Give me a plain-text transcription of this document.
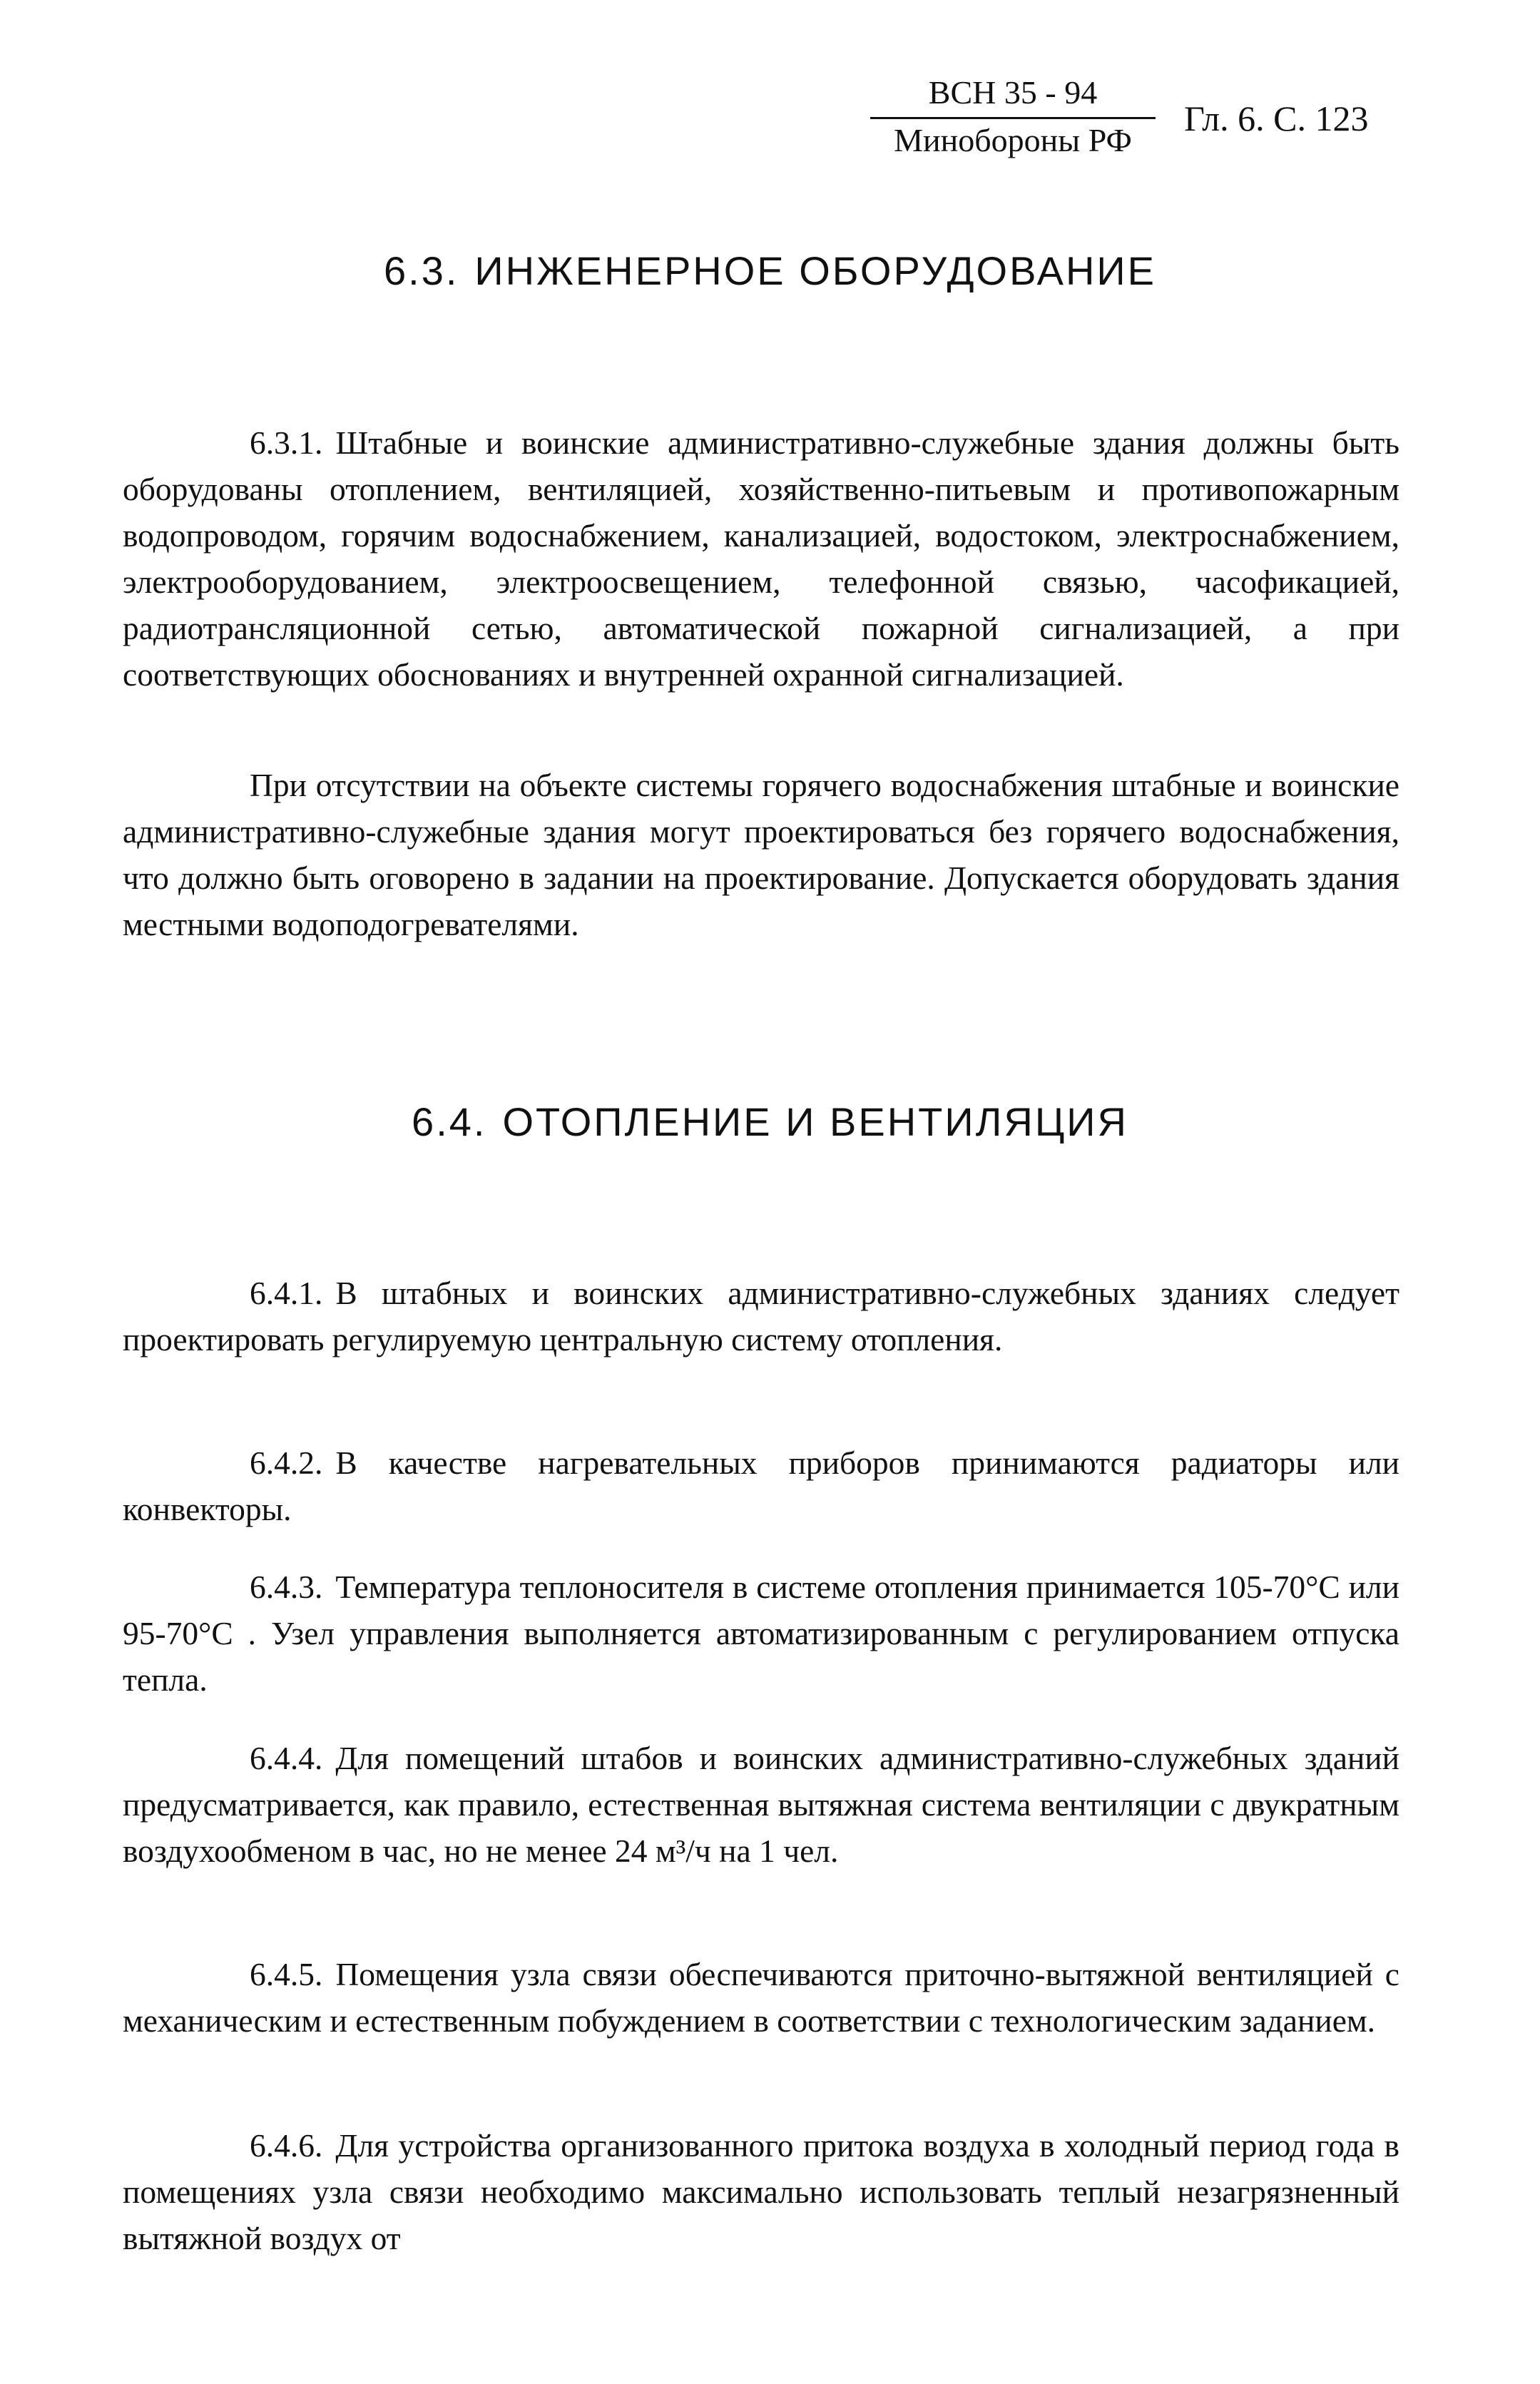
ВСН 35 - 94
Минобороны РФ
Гл. 6. С. 123
6.3. ИНЖЕНЕРНОЕ ОБОРУДОВАНИЕ

6.3.1. Штабные и воинские административно-служебные здания должны быть оборудованы отоплением, вентиляцией, хозяйственно-питьевым и противопожарным водопроводом, горячим водоснабжением, канализацией, водостоком, электроснабжением, электрооборудованием, электроосвещением, телефонной связью, часофикацией, радиотрансляционной сетью, автоматической пожарной сигнализацией, а при соответствующих обоснованиях и внутренней охранной сигнализацией.

При отсутствии на объекте системы горячего водоснабжения штабные и воинские административно-служебные здания могут проектироваться без горячего водоснабжения, что должно быть оговорено в задании на проектирование. Допускается оборудовать здания местными водоподогревателями.

6.4. ОТОПЛЕНИЕ И ВЕНТИЛЯЦИЯ

6.4.1. В штабных и воинских административно-служебных зданиях следует проектировать регулируемую центральную систему отопления.

6.4.2. В качестве нагревательных приборов принимаются радиаторы или конвекторы.

6.4.3. Температура теплоносителя в системе отопления принимается 105-70°С или 95-70°С . Узел управления выполняется автоматизированным с регулированием отпуска тепла.

6.4.4. Для помещений штабов и воинских административно-служебных зданий предусматривается, как правило, естественная вытяжная система вентиляции с двукратным воздухообменом в час, но не менее 24 м³/ч на 1 чел.

6.4.5. Помещения узла связи обеспечиваются приточно-вытяжной вентиляцией с механическим и естественным побуждением в соответствии с технологическим заданием.

6.4.6. Для устройства организованного притока воздуха в холодный период года в помещениях узла связи необходимо максимально использовать теплый незагрязненный вытяжной воздух от
